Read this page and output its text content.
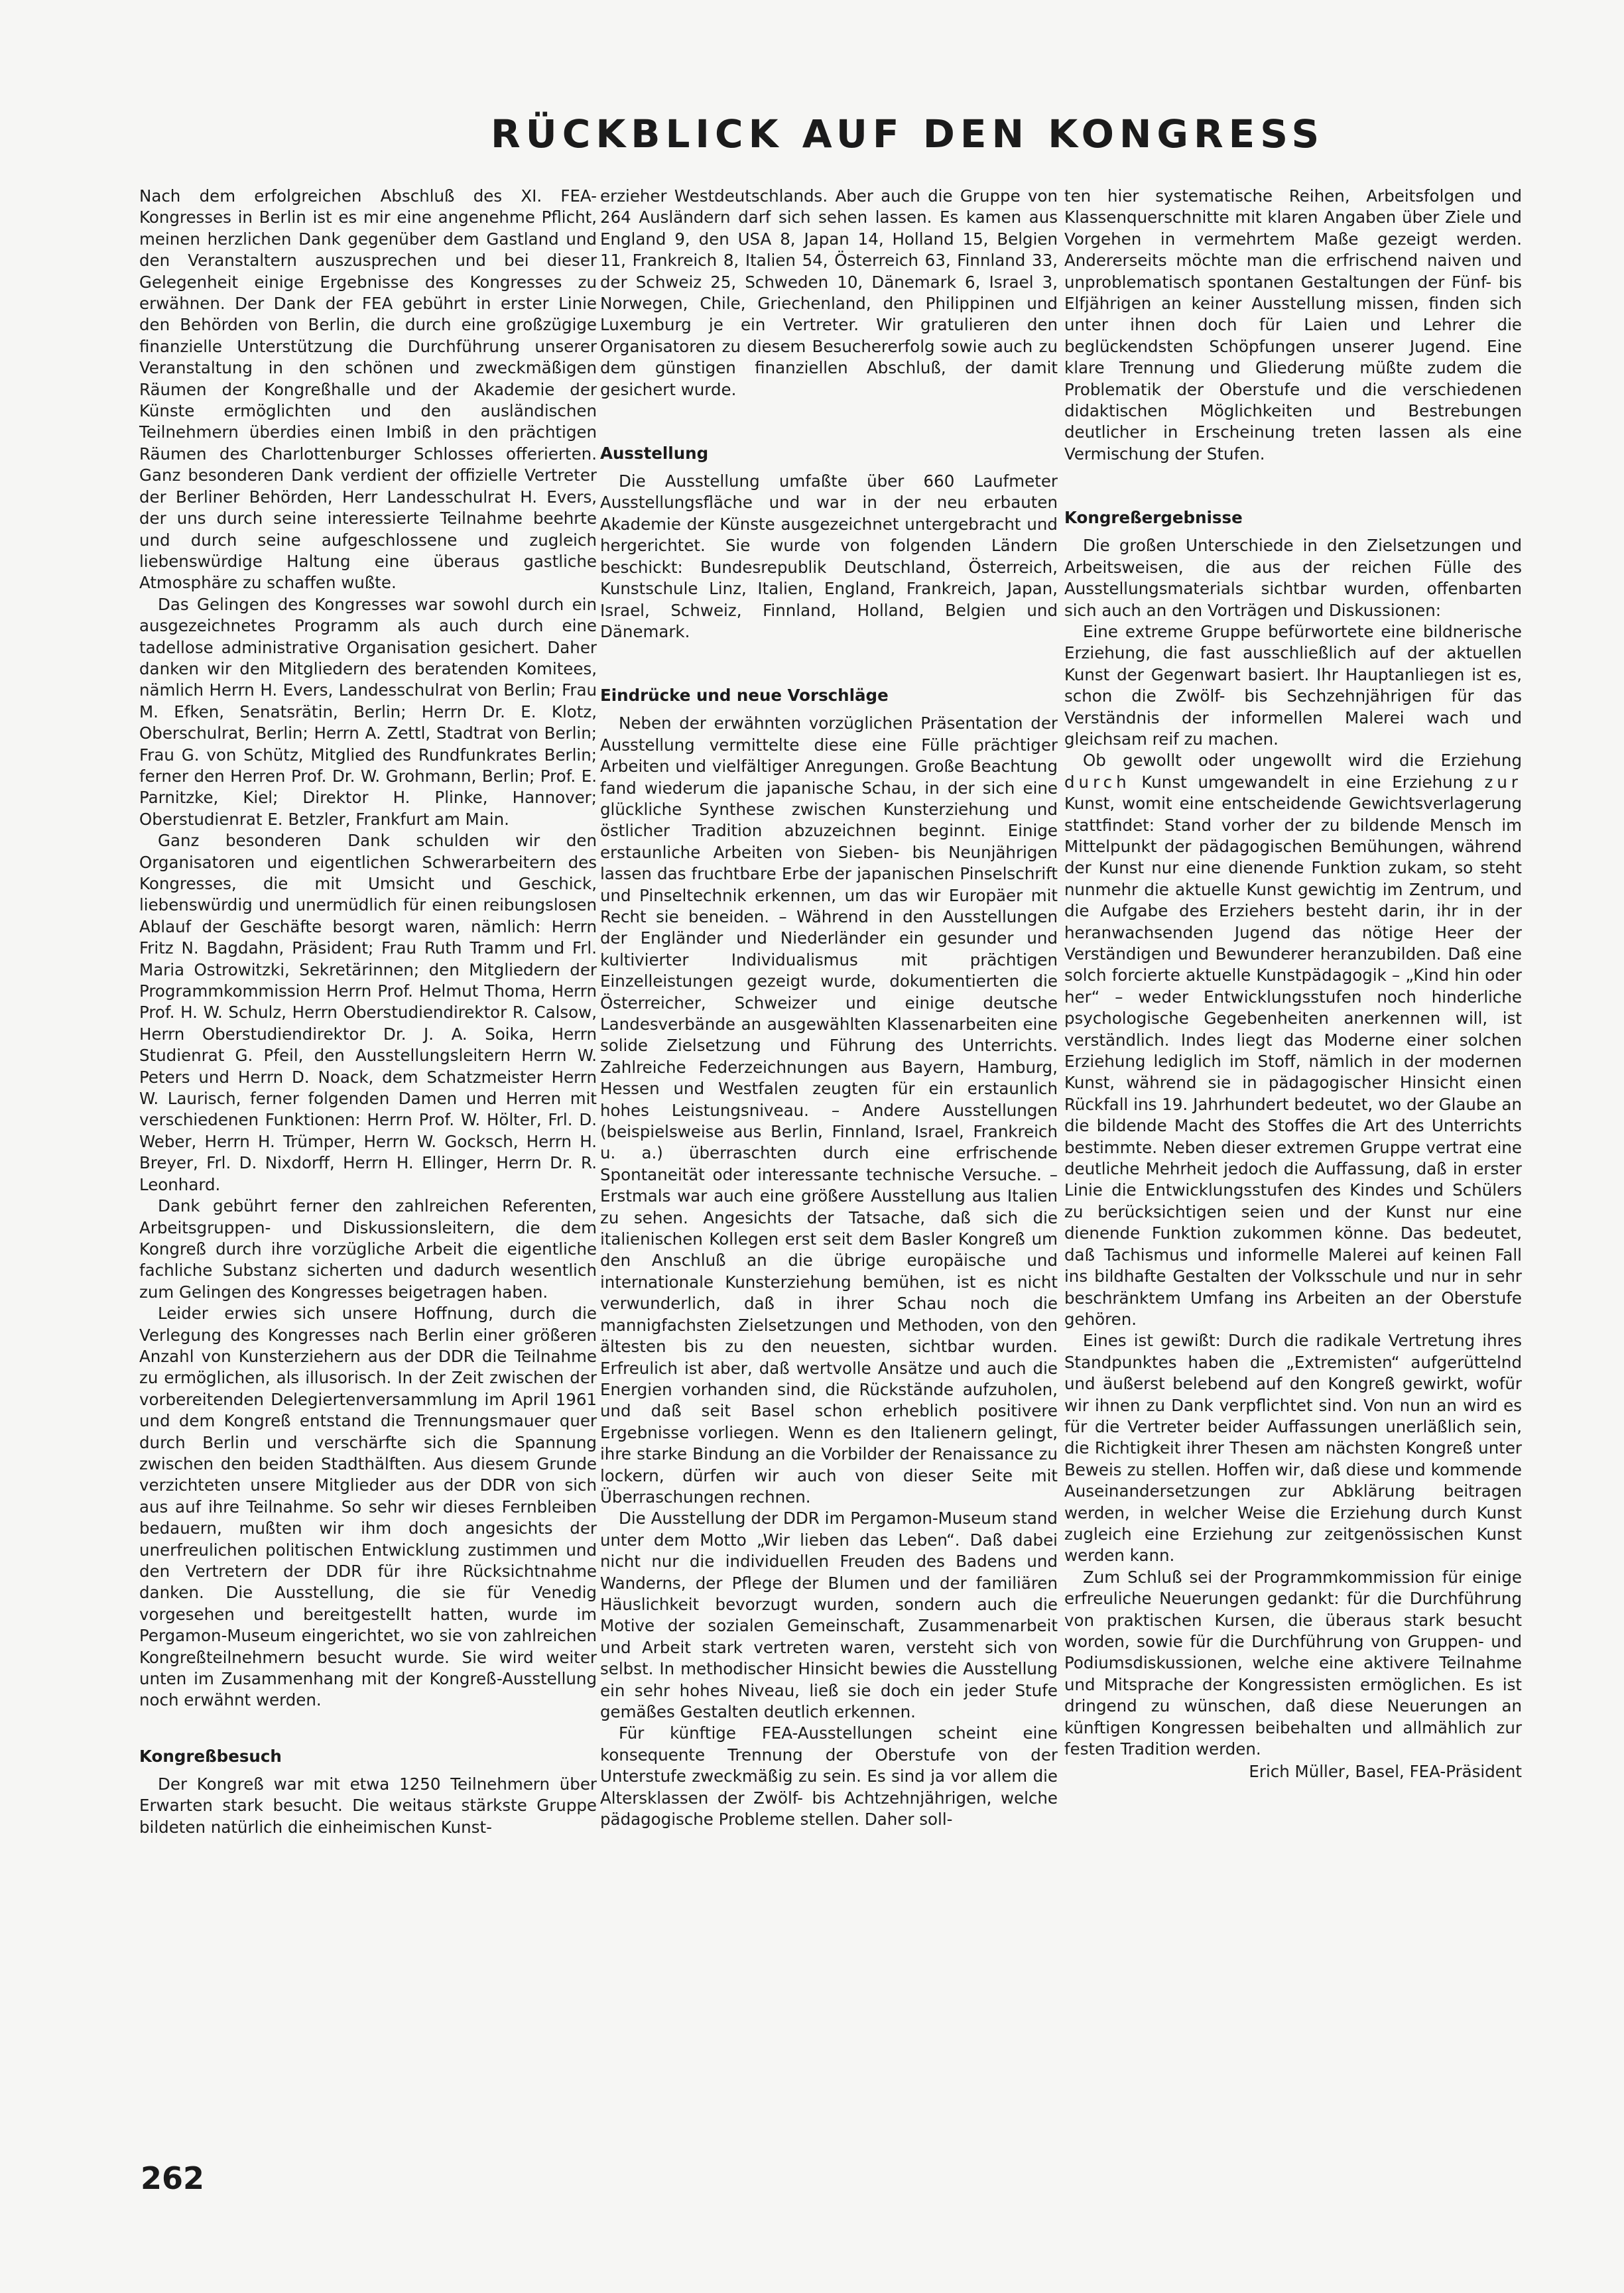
RÜCKBLICK AUF DEN KONGRESS

Nach dem erfolgreichen Abschluß des XI. FEA-Kongresses in Berlin ist es mir eine angenehme Pflicht, meinen herzlichen Dank gegenüber dem Gastland und den Veranstaltern auszusprechen und bei dieser Gelegenheit einige Ergebnisse des Kongresses zu erwähnen. Der Dank der FEA gebührt in erster Linie den Behörden von Berlin, die durch eine großzügige finanzielle Unterstützung die Durchführung unserer Veranstaltung in den schönen und zweckmäßigen Räumen der Kongreßhalle und der Akademie der Künste ermöglichten und den ausländischen Teilnehmern überdies einen Imbiß in den prächtigen Räumen des Charlottenburger Schlosses offerierten. Ganz besonderen Dank verdient der offizielle Vertreter der Berliner Behörden, Herr Landesschulrat H. Evers, der uns durch seine interessierte Teilnahme beehrte und durch seine aufgeschlossene und zugleich liebenswürdige Haltung eine überaus gastliche Atmosphäre zu schaffen wußte.

Das Gelingen des Kongresses war sowohl durch ein ausgezeichnetes Programm als auch durch eine tadellose administrative Organisation gesichert. Daher danken wir den Mitgliedern des beratenden Komitees, nämlich Herrn H. Evers, Landesschulrat von Berlin; Frau M. Efken, Senatsrätin, Berlin; Herrn Dr. E. Klotz, Oberschulrat, Berlin; Herrn A. Zettl, Stadtrat von Berlin; Frau G. von Schütz, Mitglied des Rundfunkrates Berlin; ferner den Herren Prof. Dr. W. Grohmann, Berlin; Prof. E. Parnitzke, Kiel; Direktor H. Plinke, Hannover; Oberstudienrat E. Betzler, Frankfurt am Main.

Ganz besonderen Dank schulden wir den Organisatoren und eigentlichen Schwerarbeitern des Kongresses, die mit Umsicht und Geschick, liebenswürdig und unermüdlich für einen reibungslosen Ablauf der Geschäfte besorgt waren, nämlich: Herrn Fritz N. Bagdahn, Präsident; Frau Ruth Tramm und Frl. Maria Ostrowitzki, Sekretärinnen; den Mitgliedern der Programmkommission Herrn Prof. Helmut Thoma, Herrn Prof. H. W. Schulz, Herrn Oberstudiendirektor R. Calsow, Herrn Oberstudiendirektor Dr. J. A. Soika, Herrn Studienrat G. Pfeil, den Ausstellungsleitern Herrn W. Peters und Herrn D. Noack, dem Schatzmeister Herrn W. Laurisch, ferner folgenden Damen und Herren mit verschiedenen Funktionen: Herrn Prof. W. Hölter, Frl. D. Weber, Herrn H. Trümper, Herrn W. Gocksch, Herrn H. Breyer, Frl. D. Nixdorff, Herrn H. Ellinger, Herrn Dr. R. Leonhard.

Dank gebührt ferner den zahlreichen Referenten, Arbeitsgruppen- und Diskussionsleitern, die dem Kongreß durch ihre vorzügliche Arbeit die eigentliche fachliche Substanz sicherten und dadurch wesentlich zum Gelingen des Kongresses beigetragen haben.

Leider erwies sich unsere Hoffnung, durch die Verlegung des Kongresses nach Berlin einer größeren Anzahl von Kunsterziehern aus der DDR die Teilnahme zu ermöglichen, als illusorisch. In der Zeit zwischen der vorbereitenden Delegiertenversammlung im April 1961 und dem Kongreß entstand die Trennungsmauer quer durch Berlin und verschärfte sich die Spannung zwischen den beiden Stadthälften. Aus diesem Grunde verzichteten unsere Mitglieder aus der DDR von sich aus auf ihre Teilnahme. So sehr wir dieses Fernbleiben bedauern, mußten wir ihm doch angesichts der unerfreulichen politischen Entwicklung zustimmen und den Vertretern der DDR für ihre Rücksichtnahme danken. Die Ausstellung, die sie für Venedig vorgesehen und bereitgestellt hatten, wurde im Pergamon-Museum eingerichtet, wo sie von zahlreichen Kongreßteilnehmern besucht wurde. Sie wird weiter unten im Zusammenhang mit der Kongreß-Ausstellung noch erwähnt werden.

Kongreßbesuch

Der Kongreß war mit etwa 1250 Teilnehmern über Erwarten stark besucht. Die weitaus stärkste Gruppe bildeten natürlich die einheimischen Kunst-

erzieher Westdeutschlands. Aber auch die Gruppe von 264 Ausländern darf sich sehen lassen. Es kamen aus England 9, den USA 8, Japan 14, Holland 15, Belgien 11, Frankreich 8, Italien 54, Österreich 63, Finnland 33, der Schweiz 25, Schweden 10, Dänemark 6, Israel 3, Norwegen, Chile, Griechenland, den Philippinen und Luxemburg je ein Vertreter. Wir gratulieren den Organisatoren zu diesem Besuchererfolg sowie auch zu dem günstigen finanziellen Abschluß, der damit gesichert wurde.

Ausstellung

Die Ausstellung umfaßte über 660 Laufmeter Ausstellungsfläche und war in der neu erbauten Akademie der Künste ausgezeichnet untergebracht und hergerichtet. Sie wurde von folgenden Ländern beschickt: Bundesrepublik Deutschland, Österreich, Kunstschule Linz, Italien, England, Frankreich, Japan, Israel, Schweiz, Finnland, Holland, Belgien und Dänemark.

Eindrücke und neue Vorschläge

Neben der erwähnten vorzüglichen Präsentation der Ausstellung vermittelte diese eine Fülle prächtiger Arbeiten und vielfältiger Anregungen. Große Beachtung fand wiederum die japanische Schau, in der sich eine glückliche Synthese zwischen Kunsterziehung und östlicher Tradition abzuzeichnen beginnt. Einige erstaunliche Arbeiten von Sieben- bis Neunjährigen lassen das fruchtbare Erbe der japanischen Pinselschrift und Pinseltechnik erkennen, um das wir Europäer mit Recht sie beneiden. – Während in den Ausstellungen der Engländer und Niederländer ein gesunder und kultivierter Individualismus mit prächtigen Einzelleistungen gezeigt wurde, dokumentierten die Österreicher, Schweizer und einige deutsche Landesverbände an ausgewählten Klassenarbeiten eine solide Zielsetzung und Führung des Unterrichts. Zahlreiche Federzeichnungen aus Bayern, Hamburg, Hessen und Westfalen zeugten für ein erstaunlich hohes Leistungsniveau. – Andere Ausstellungen (beispielsweise aus Berlin, Finnland, Israel, Frankreich u. a.) überraschten durch eine erfrischende Spontaneität oder interessante technische Versuche. – Erstmals war auch eine größere Ausstellung aus Italien zu sehen. Angesichts der Tatsache, daß sich die italienischen Kollegen erst seit dem Basler Kongreß um den Anschluß an die übrige europäische und internationale Kunsterziehung bemühen, ist es nicht verwunderlich, daß in ihrer Schau noch die mannigfachsten Zielsetzungen und Methoden, von den ältesten bis zu den neuesten, sichtbar wurden. Erfreulich ist aber, daß wertvolle Ansätze und auch die Energien vorhanden sind, die Rückstände aufzuholen, und daß seit Basel schon erheblich positivere Ergebnisse vorliegen. Wenn es den Italienern gelingt, ihre starke Bindung an die Vorbilder der Renaissance zu lockern, dürfen wir auch von dieser Seite mit Überraschungen rechnen.

Die Ausstellung der DDR im Pergamon-Museum stand unter dem Motto „Wir lieben das Leben“. Daß dabei nicht nur die individuellen Freuden des Badens und Wanderns, der Pflege der Blumen und der familiären Häuslichkeit bevorzugt wurden, sondern auch die Motive der sozialen Gemeinschaft, Zusammenarbeit und Arbeit stark vertreten waren, versteht sich von selbst. In methodischer Hinsicht bewies die Ausstellung ein sehr hohes Niveau, ließ sie doch ein jeder Stufe gemäßes Gestalten deutlich erkennen.

Für künftige FEA-Ausstellungen scheint eine konsequente Trennung der Oberstufe von der Unterstufe zweckmäßig zu sein. Es sind ja vor allem die Altersklassen der Zwölf- bis Achtzehnjährigen, welche pädagogische Probleme stellen. Daher soll-

ten hier systematische Reihen, Arbeitsfolgen und Klassenquerschnitte mit klaren Angaben über Ziele und Vorgehen in vermehrtem Maße gezeigt werden. Andererseits möchte man die erfrischend naiven und unproblematisch spontanen Gestaltungen der Fünf- bis Elfjährigen an keiner Ausstellung missen, finden sich unter ihnen doch für Laien und Lehrer die beglückendsten Schöpfungen unserer Jugend. Eine klare Trennung und Gliederung müßte zudem die Problematik der Oberstufe und die verschiedenen didaktischen Möglichkeiten und Bestrebungen deutlicher in Erscheinung treten lassen als eine Vermischung der Stufen.

Kongreßergebnisse

Die großen Unterschiede in den Zielsetzungen und Arbeitsweisen, die aus der reichen Fülle des Ausstellungsmaterials sichtbar wurden, offenbarten sich auch an den Vorträgen und Diskussionen:

Eine extreme Gruppe befürwortete eine bildnerische Erziehung, die fast ausschließlich auf der aktuellen Kunst der Gegenwart basiert. Ihr Hauptanliegen ist es, schon die Zwölf- bis Sechzehnjährigen für das Verständnis der informellen Malerei wach und gleichsam reif zu machen.

Ob gewollt oder ungewollt wird die Erziehung durch Kunst umgewandelt in eine Erziehung zur Kunst, womit eine entscheidende Gewichtsverlagerung stattfindet: Stand vorher der zu bildende Mensch im Mittelpunkt der pädagogischen Bemühungen, während der Kunst nur eine dienende Funktion zukam, so steht nunmehr die aktuelle Kunst gewichtig im Zentrum, und die Aufgabe des Erziehers besteht darin, ihr in der heranwachsenden Jugend das nötige Heer der Verständigen und Bewunderer heranzubilden. Daß eine solch forcierte aktuelle Kunstpädagogik – „Kind hin oder her“ – weder Entwicklungsstufen noch hinderliche psychologische Gegebenheiten anerkennen will, ist verständlich. Indes liegt das Moderne einer solchen Erziehung lediglich im Stoff, nämlich in der modernen Kunst, während sie in pädagogischer Hinsicht einen Rückfall ins 19. Jahrhundert bedeutet, wo der Glaube an die bildende Macht des Stoffes die Art des Unterrichts bestimmte. Neben dieser extremen Gruppe vertrat eine deutliche Mehrheit jedoch die Auffassung, daß in erster Linie die Entwicklungsstufen des Kindes und Schülers zu berücksichtigen seien und der Kunst nur eine dienende Funktion zukommen könne. Das bedeutet, daß Tachismus und informelle Malerei auf keinen Fall ins bildhafte Gestalten der Volksschule und nur in sehr beschränktem Umfang ins Arbeiten an der Oberstufe gehören.

Eines ist gewißt: Durch die radikale Vertretung ihres Standpunktes haben die „Extremisten“ aufgerüttelnd und äußerst belebend auf den Kongreß gewirkt, wofür wir ihnen zu Dank verpflichtet sind. Von nun an wird es für die Vertreter beider Auffassungen unerläßlich sein, die Richtigkeit ihrer Thesen am nächsten Kongreß unter Beweis zu stellen. Hoffen wir, daß diese und kommende Auseinandersetzungen zur Abklärung beitragen werden, in welcher Weise die Erziehung durch Kunst zugleich eine Erziehung zur zeitgenössischen Kunst werden kann.

Zum Schluß sei der Programmkommission für einige erfreuliche Neuerungen gedankt: für die Durchführung von praktischen Kursen, die überaus stark besucht worden, sowie für die Durchführung von Gruppen- und Podiumsdiskussionen, welche eine aktivere Teilnahme und Mitsprache der Kongressisten ermöglichen. Es ist dringend zu wünschen, daß diese Neuerungen an künftigen Kongressen beibehalten und allmählich zur festen Tradition werden.

Erich Müller, Basel, FEA-Präsident

262
